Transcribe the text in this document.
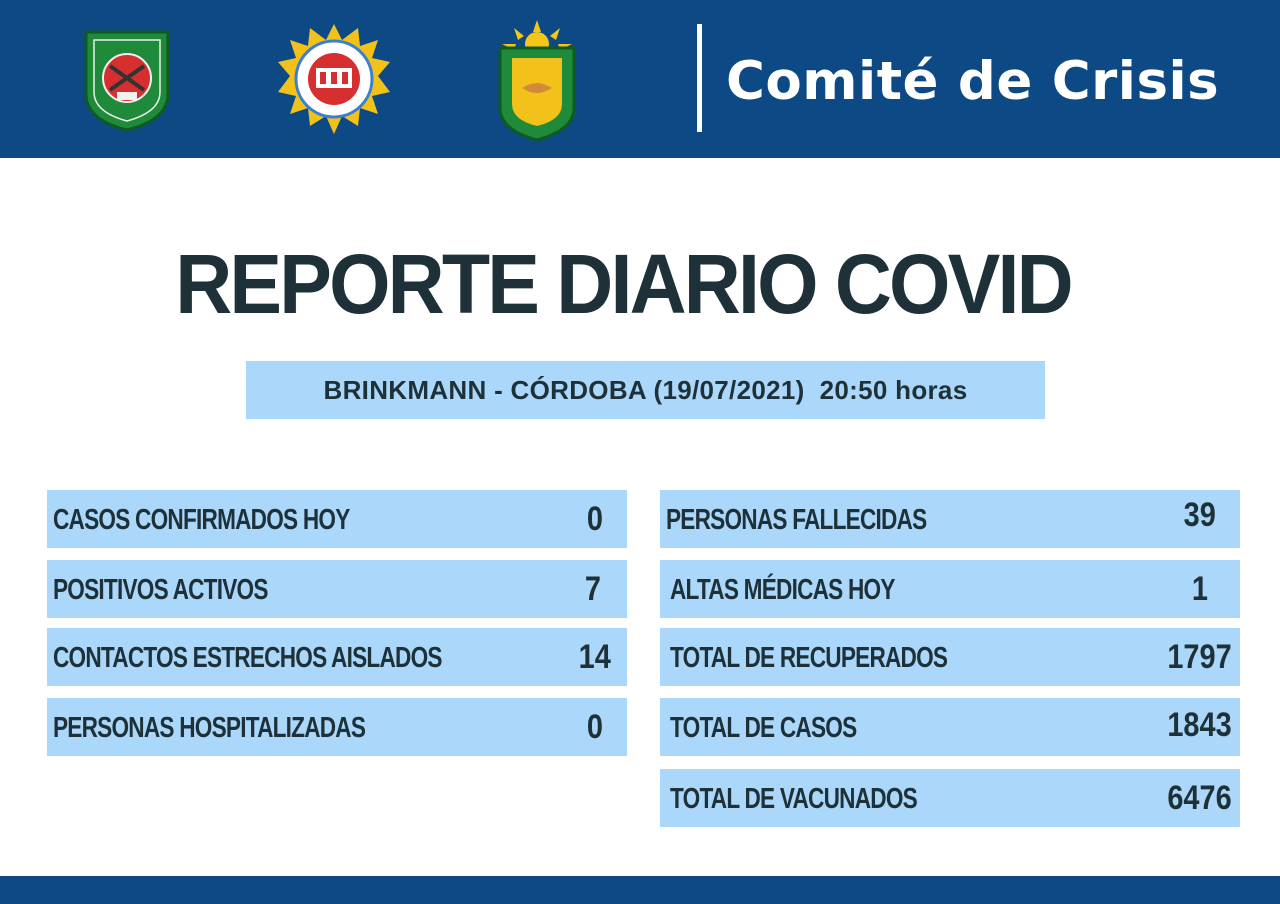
Comité de Crisis
REPORTE DIARIO COVID
BRINKMANN - CÓRDOBA (19/07/2021)  20:50 horas
CASOS CONFIRMADOS HOY	0
POSITIVOS ACTIVOS	7
CONTACTOS ESTRECHOS AISLADOS	14
PERSONAS HOSPITALIZADAS	0
PERSONAS FALLECIDAS	39
ALTAS MÉDICAS HOY	1
TOTAL DE RECUPERADOS	1797
TOTAL DE CASOS	1843
TOTAL DE VACUNADOS	6476
